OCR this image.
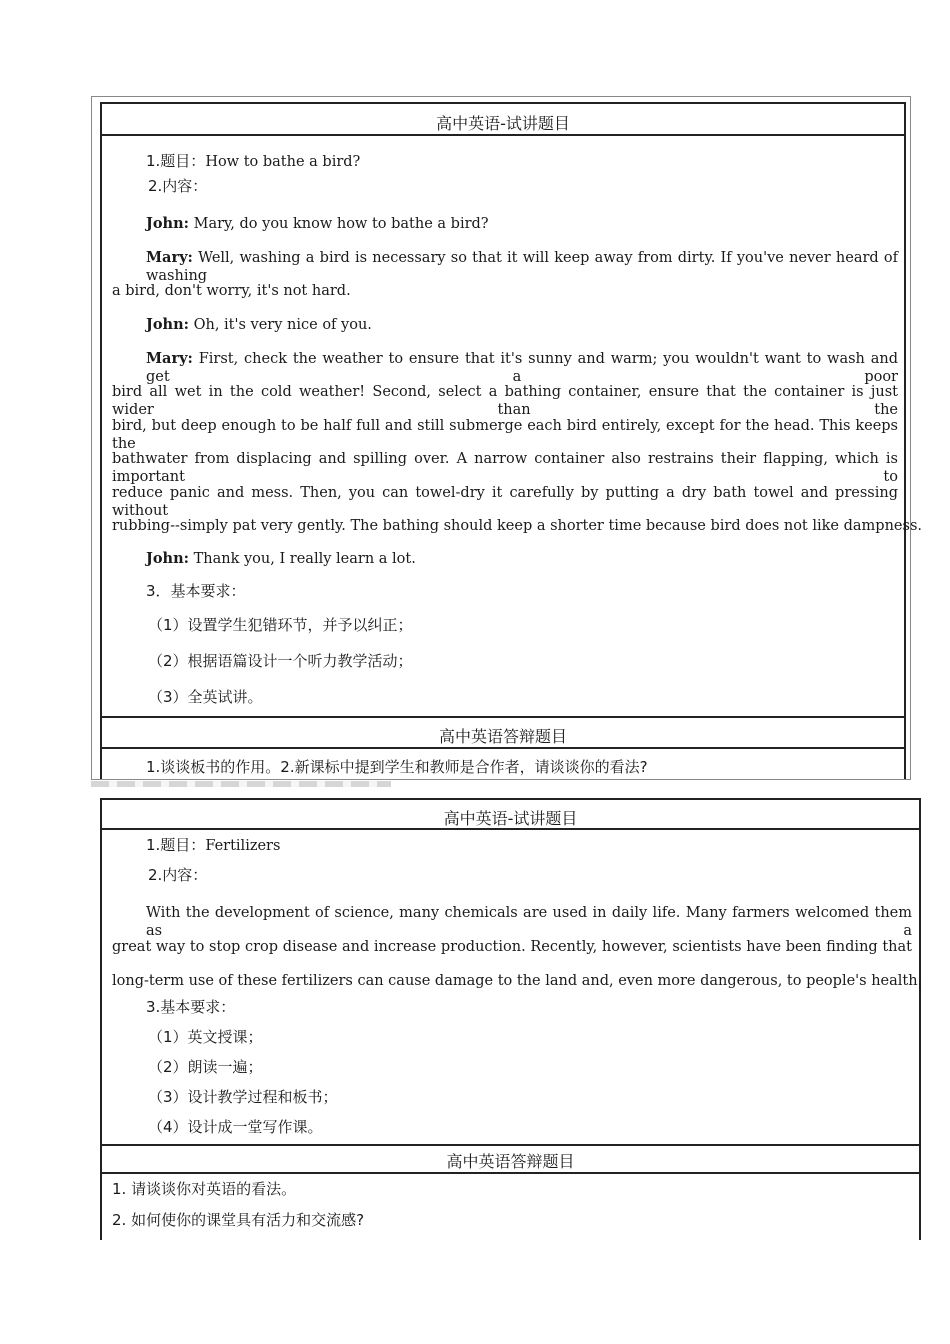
高中英语-试讲题目
1.题目：How to bathe a bird?
2.内容：
John: Mary, do you know how to bathe a bird?
Mary: Well, washing a bird is necessary so that it will keep away from dirty. If you've never heard of washing
a bird, don't worry, it's not hard.
John: Oh, it's very nice of you.
Mary: First, check the weather to ensure that it's sunny and warm; you wouldn't want to wash and get a poor
bird all wet in the cold weather! Second, select a bathing container, ensure that the container is just wider than the
bird, but deep enough to be half full and still submerge each bird entirely, except for the head. This keeps the
bathwater from displacing and spilling over. A narrow container also restrains their flapping, which is important to
reduce panic and mess. Then, you can towel-dry it carefully by putting a dry bath towel and pressing without
rubbing--simply pat very gently. The bathing should keep a shorter time because bird does not like dampness.
John: Thank you, I really learn a lot.
3．基本要求：
（1）设置学生犯错环节，并予以纠正；
（2）根据语篇设计一个听力教学活动；
（3）全英试讲。
高中英语答辩题目
1.谈谈板书的作用。2.新课标中提到学生和教师是合作者，请谈谈你的看法?
高中英语-试讲题目
1.题目：Fertilizers
2.内容：
With the development of science, many chemicals are used in daily life. Many farmers welcomed them as a
great way to stop crop disease and increase production. Recently, however, scientists have been finding that
long-term use of these fertilizers can cause damage to the land and, even more dangerous, to people's health.
3.基本要求：
（1）英文授课；
（2）朗读一遍；
（3）设计教学过程和板书；
（4）设计成一堂写作课。
高中英语答辩题目
1. 请谈谈你对英语的看法。
2. 如何使你的课堂具有活力和交流感?
